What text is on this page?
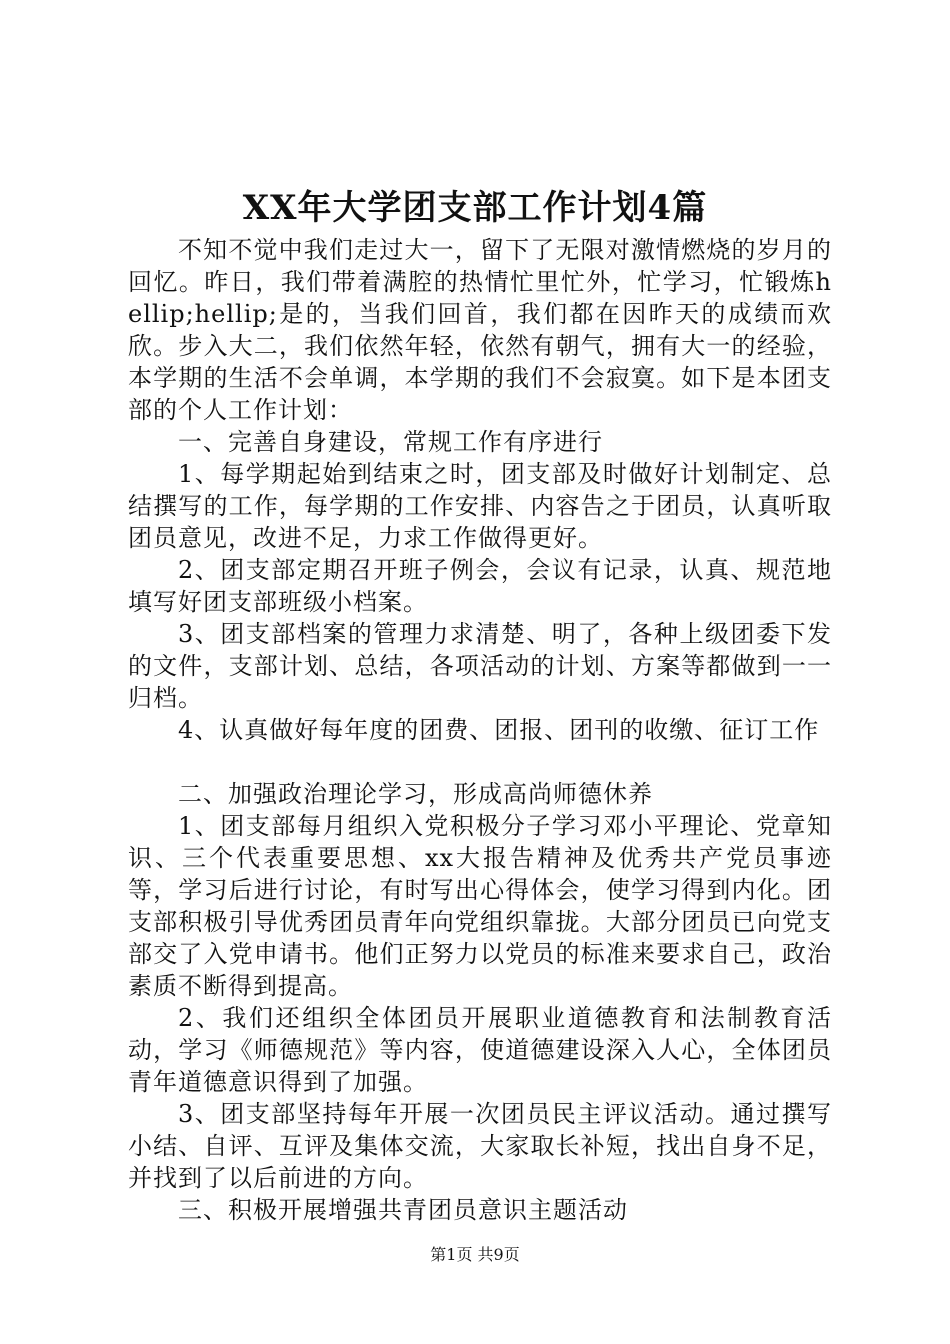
XX年大学团支部工作计划4篇

不知不觉中我们走过大一，留下了无限对激情燃烧的岁月的回忆。昨日，我们带着满腔的热情忙里忙外，忙学习，忙锻炼hellip;hellip;是的，当我们回首，我们都在因昨天的成绩而欢欣。步入大二，我们依然年轻，依然有朝气，拥有大一的经验，本学期的生活不会单调，本学期的我们不会寂寞。如下是本团支部的个人工作计划：

一、完善自身建设，常规工作有序进行

1、每学期起始到结束之时，团支部及时做好计划制定、总结撰写的工作，每学期的工作安排、内容告之于团员，认真听取团员意见，改进不足，力求工作做得更好。

2、团支部定期召开班子例会，会议有记录，认真、规范地填写好团支部班级小档案。

3、团支部档案的管理力求清楚、明了，各种上级团委下发的文件，支部计划、总结，各项活动的计划、方案等都做到一一归档。

4、认真做好每年度的团费、团报、团刊的收缴、征订工作

二、加强政治理论学习，形成高尚师德休养

1、团支部每月组织入党积极分子学习邓小平理论、党章知识、三个代表重要思想、xx大报告精神及优秀共产党员事迹等，学习后进行讨论，有时写出心得体会，使学习得到内化。团支部积极引导优秀团员青年向党组织靠拢。大部分团员已向党支部交了入党申请书。他们正努力以党员的标准来要求自己，政治素质不断得到提高。

2、我们还组织全体团员开展职业道德教育和法制教育活动，学习《师德规范》等内容，使道德建设深入人心，全体团员青年道德意识得到了加强。

3、团支部坚持每年开展一次团员民主评议活动。通过撰写小结、自评、互评及集体交流，大家取长补短，找出自身不足，并找到了以后前进的方向。

三、积极开展增强共青团员意识主题活动

第1页 共9页
